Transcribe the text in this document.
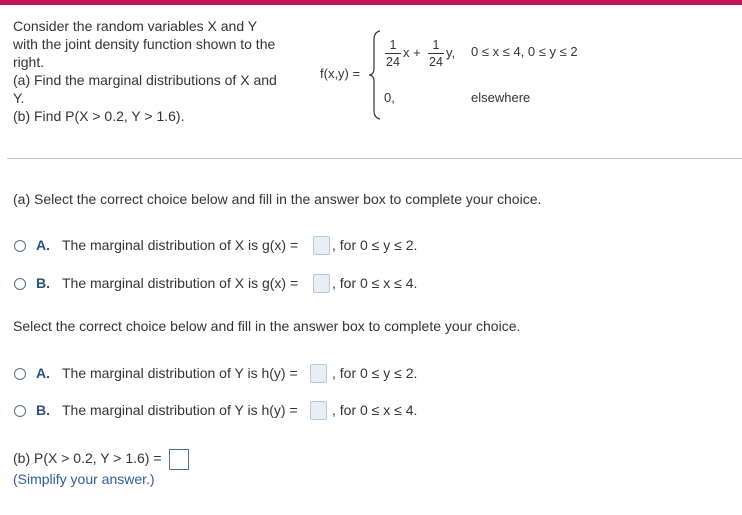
Consider the random variables X and Y
with the joint density function shown to the
right.
(a) Find the marginal distributions of X and
Y.
(b) Find P(X > 0.2, Y > 1.6).
f(x,y) =
1
24
x + 1
24
y, 0 ≤ x ≤ 4, 0 ≤ y ≤ 2
0,	elsewhere
(a) Select the correct choice below and fill in the answer box to complete your choice.
A. The marginal distribution of X is g(x) = , for 0 ≤ y ≤ 2.
B. The marginal distribution of X is g(x) = , for 0 ≤ x ≤ 4.
Select the correct choice below and fill in the answer box to complete your choice.
A. The marginal distribution of Y is h(y) = , for 0 ≤ y ≤ 2.
B. The marginal distribution of Y is h(y) = , for 0 ≤ x ≤ 4.
(b) P(X > 0.2, Y > 1.6) =
(Simplify your answer.)
